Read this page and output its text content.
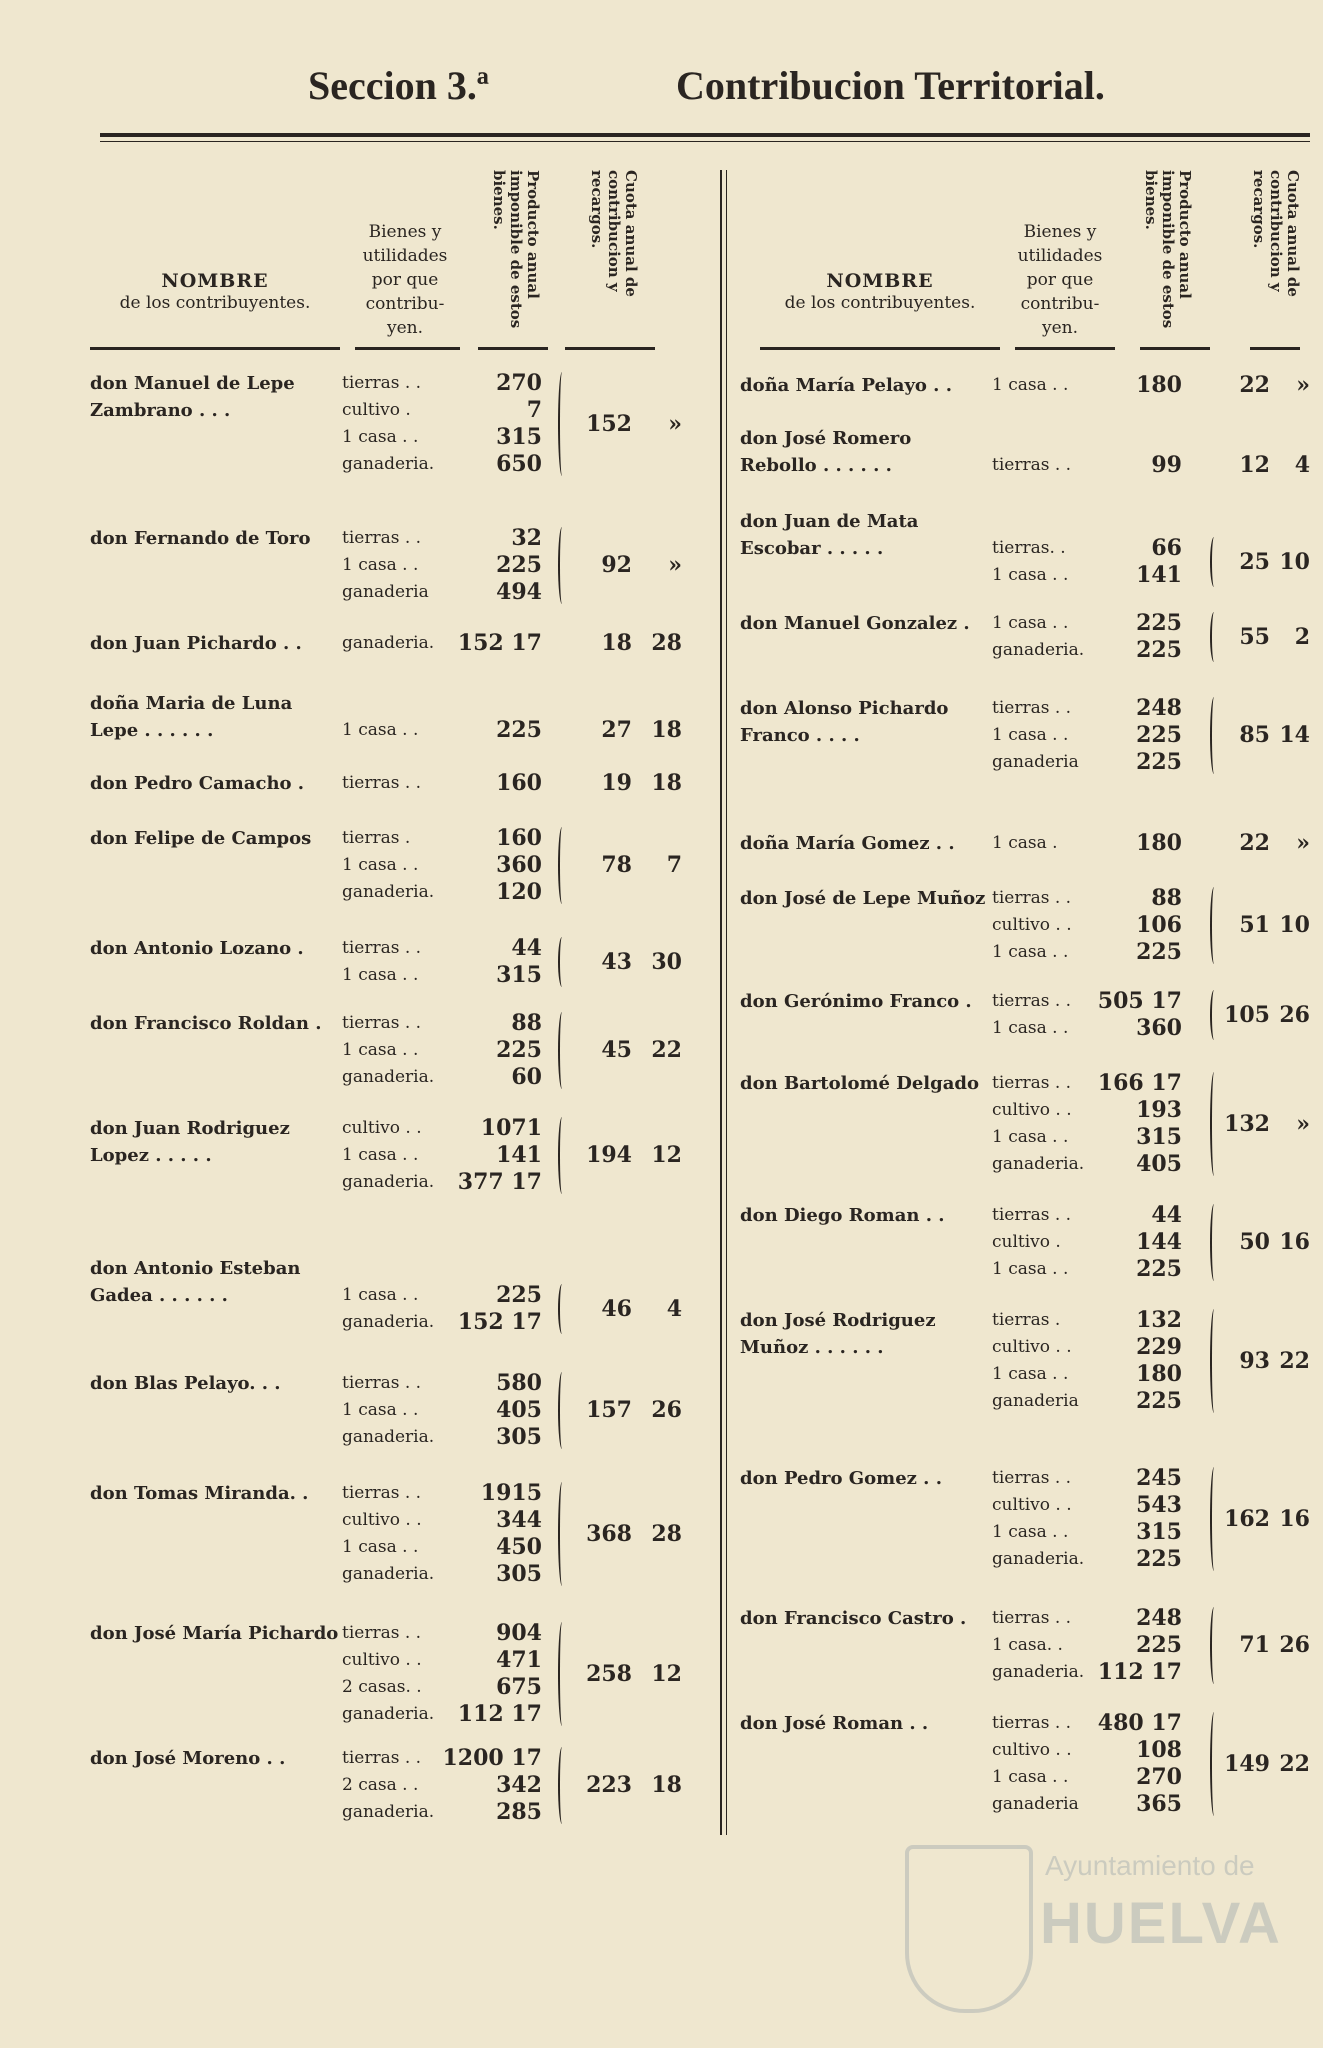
Seccion 3.ª	Contribucion Territorial.
NOMBRE
de los contribuyentes.
Bienes y
utilidades
por que
contribu-
yen.
Producto anual imponible de estos bienes.	Cuota anual de contribucion y recargos.
NOMBRE
de los contribuyentes.
Bienes y
utilidades
por que
contribu-
yen.
Producto anual imponible de estos bienes.	Cuota anual de contribucion y recargos.
don Manuel de Lepe Zambrano . . .
tierras . .	270
cultivo .	7
1 casa . .	315
ganaderia.	650
152 »
don Fernando de Toro	tierras . .	32
1 casa . .	225
ganaderia	494
92 »
don Juan Pichardo . .	ganaderia.	152 17	18 28
doña Maria de Luna Lepe . . . . . .	1 casa . .	225	27 18
don Pedro Camacho .	tierras . .	160	19 18
don Felipe de Campos	tierras .	160
1 casa . .	360
ganaderia.	120
78 7
don Antonio Lozano .	tierras . .	44
1 casa . .	315
43 30
don Francisco Roldan .	tierras . .	88
1 casa . .	225
ganaderia.	60
45 22
don Juan Rodriguez Lopez . . . . .
cultivo . .	1071
1 casa . .	141
ganaderia.	377 17
194 12
don Antonio Esteban Gadea . . . . . .	1 casa . .	225
ganaderia.	152 17
46 4
don Blas Pelayo. . .	tierras . .	580
1 casa . .	405
ganaderia.	305
157 26
don Tomas Miranda. .	tierras . .	1915
cultivo . .	344
1 casa . .	450
ganaderia.	305
368 28
don José María Pichardo tierras . .	904
cultivo . .	471
2 casas. .	675
ganaderia.	112 17
258 12
don José Moreno . .	tierras . . 1200 17
2 casa . .	342
ganaderia.	285
223 18
doña María Pelayo . .	1 casa . .	180	22 »
don José Romero Rebollo . . . . . .	tierras . .	99	12 4
don Juan de Mata Escobar . . . . .	tierras. .	66
1 casa . .	141
25 10
don Manuel Gonzalez .	1 casa . .	225
ganaderia.	225
55 2
don Alonso Pichardo Franco . . . .
tierras . .	248
1 casa . .	225
ganaderia	225
85 14
doña María Gomez . .	1 casa .	180	22 »
don José de Lepe Muñoz tierras . .	88
cultivo . .	106
1 casa . .	225
51 10
don Gerónimo Franco .	tierras . .	505 17
1 casa . .	360
105 26
don Bartolomé Delgado tierras . .	166 17
cultivo . .	193
1 casa . .	315
ganaderia.	405
132 »
don Diego Roman . .	tierras . .	44
cultivo .	144
1 casa . .	225
50 16
don José Rodriguez Muñoz . . . . . .
tierras .	132
cultivo . .	229
1 casa . .	180
ganaderia	225
93 22
don Pedro Gomez . .	tierras . .	245
cultivo . .	543
1 casa . .	315
ganaderia.	225
162 16
don Francisco Castro .	tierras . .	248
1 casa. .	225
ganaderia. 112 17
71 26
don José Roman . .	tierras . .	480 17
cultivo . .	108
1 casa . .	270
ganaderia	365
149 22
Ayuntamiento de
HUELVA
